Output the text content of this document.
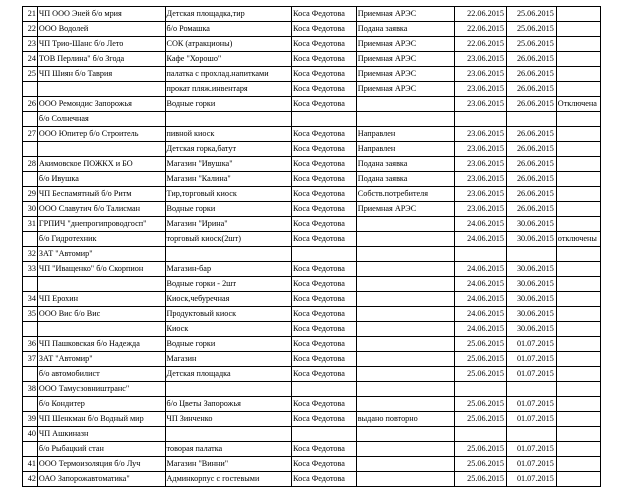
21	ЧП ООО Эней б/о мрия	Детская площадка,тир	Коса Федотова	Приемная АРЭС	22.06.2015	25.06.2015		
22	ООО Водолей	б/о Ромашка	Коса Федотова	Подана заявка	22.06.2015	25.06.2015		
23	ЧП Трио-Шанс б/о Лето	СОК (атракционы)	Коса Федотова	Приемная АРЭС	22.06.2015	25.06.2015		
24	ТОВ Перлина" б/о Згода	Кафе "Хорошо"	Коса Федотова	Приемная АРЭС	23.06.2015	26.06.2015		
25	ЧП Шиян б/о Таврия	палатка с прохлад.напитками	Коса Федотова	Приемная АРЭС	23.06.2015	26.06.2015		
		прокат пляж.инвентаря	Коса Федотова	Приемная АРЭС	23.06.2015	26.06.2015		
26	ООО Ремондис Запорожья	Водные горки	Коса Федотова		23.06.2015	26.06.2015	Отключена	
	б/о Солнечная							
27	ООО Юпитер б/о Строитель	пивной киоск	Коса Федотова	Направлен	23.06.2015	26.06.2015		
		Детская горка,батут	Коса Федотова	Направлен	23.06.2015	26.06.2015		
28	Акимовское ПОЖКХ и БО	Магазин "Ивушка"	Коса Федотова	Подана заявка	23.06.2015	26.06.2015		
	б/о Ивушка	Магазин "Калина"	Коса Федотова	Подана заявка	23.06.2015	26.06.2015		
29	ЧП Беспамятный б/о Ритм	Тир,торговый киоск	Коса Федотова	Собств.потребителя	23.06.2015	26.06.2015		
30	ООО Славутич б/о Талисман	Водные горки	Коса Федотова	Приемная АРЭС	23.06.2015	26.06.2015		
31	ГРПИЧ "днепрогипроводгосп"	Магазин "Ирина"	Коса Федотова		24.06.2015	30.06.2015		
	б/о Гидротехник	торговый киоск(2шт)	Коса Федотова		24.06.2015	30.06.2015	отключены	
32	ЗАТ "Автомир"							
33	ЧП "Иващенко" б/о Скорпион	Магазин-бар	Коса Федотова		24.06.2015	30.06.2015		
		Водные горки - 2шт	Коса Федотова		24.06.2015	30.06.2015		
34	ЧП Ерохин	Киоск,чебуречная	Коса Федотова		24.06.2015	30.06.2015		
35	ООО Вис б/о Вис	Продуктовый киоск	Коса Федотова		24.06.2015	30.06.2015		
		Киоск	Коса Федотова		24.06.2015	30.06.2015		
36	ЧП Пашковская б/о Надежда	Водные горки	Коса Федотова		25.06.2015	01.07.2015		
37	ЗАТ "Автомир"	Магазин	Коса Федотова		25.06.2015	01.07.2015		
	б/о автомобилист	Детская площадка	Коса Федотова		25.06.2015	01.07.2015		
38	ООО Тамусзовништранс"							
	б/о Кондитер	б/о Цветы Запорожья	Коса Федотова		25.06.2015	01.07.2015		
39	ЧП Шенкман б/о Водный мир	ЧП Зинченко	Коса Федотова	выдано повторно	25.06.2015	01.07.2015		
40	ЧП Ашкиназн							
	б/о Рыбацкий стан	товорая палатка	Коса Федотова		25.06.2015	01.07.2015		
41	ООО Термоизоляция б/о Луч	Магазин "Винни"	Коса Федотова		25.06.2015	01.07.2015		
42	ОАО Запорожавтоматика"	Админкорпус с гостевыми	Коса Федотова		25.06.2015	01.07.2015		
